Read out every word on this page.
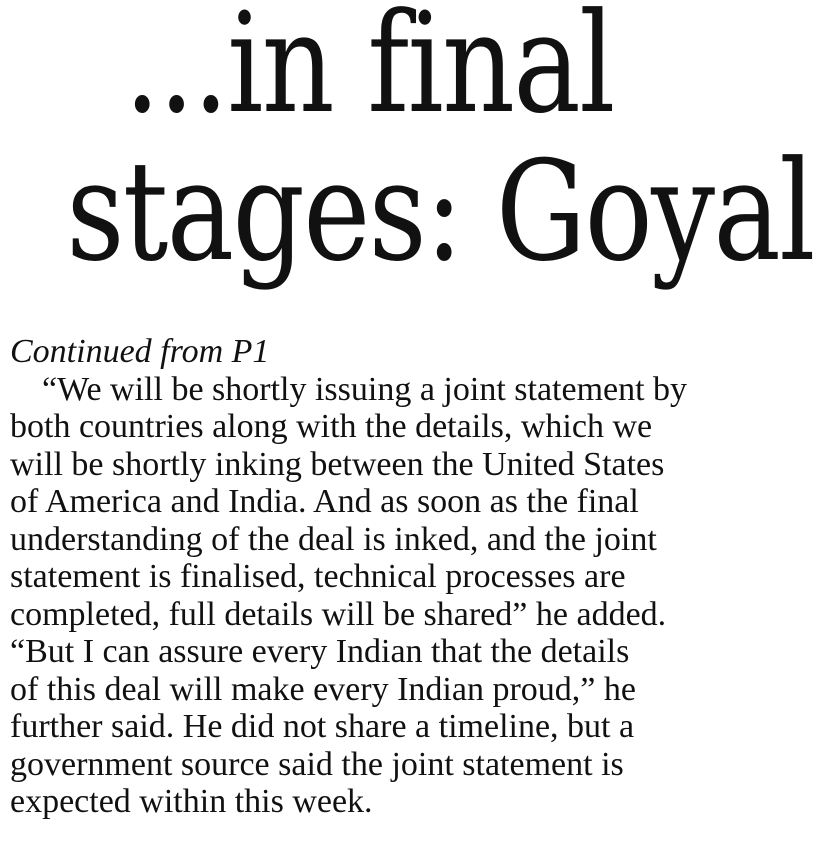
...in final
stages: Goyal
Continued from P1
“We will be shortly issuing a joint statement by
both countries along with the details, which we
will be shortly inking between the United States
of America and India. And as soon as the final
understanding of the deal is inked, and the joint
statement is finalised, technical processes are
completed, full details will be shared” he added.
“But I can assure every Indian that the details
of this deal will make every Indian proud,” he
further said. He did not share a timeline, but a
government source said the joint statement is
expected within this week.
